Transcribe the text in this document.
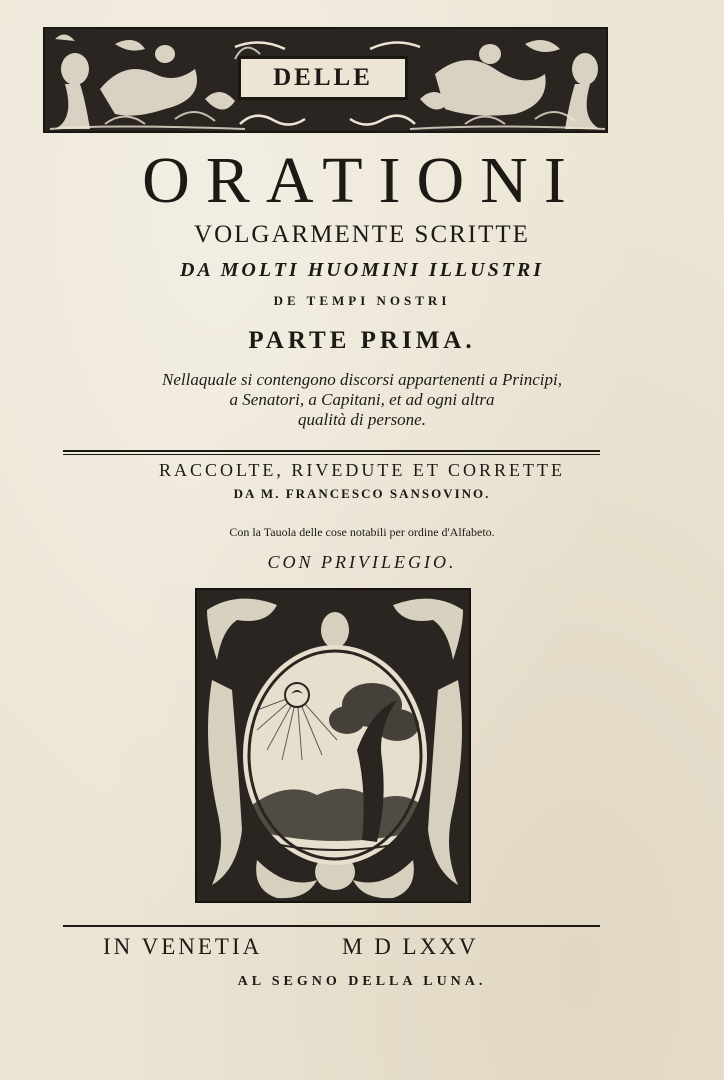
DELLE
ORATIONI
VOLGARMENTE SCRITTE
DA MOLTI HUOMINI ILLUSTRI
DE TEMPI NOSTRI
PARTE PRIMA.
Nellaquale si contengono discorsi appartenenti a Principi,
a Senatori, a Capitani, et ad ogni altra
qualità di persone.
RACCOLTE, RIVEDUTE ET CORRETTE
DA M. FRANCESCO SANSOVINO.
Con la Tauola delle cose notabili per ordine d'Alfabeto.
CON PRIVILEGIO.
IN VENETIA	M D LXXV
AL SEGNO DELLA LUNA.
